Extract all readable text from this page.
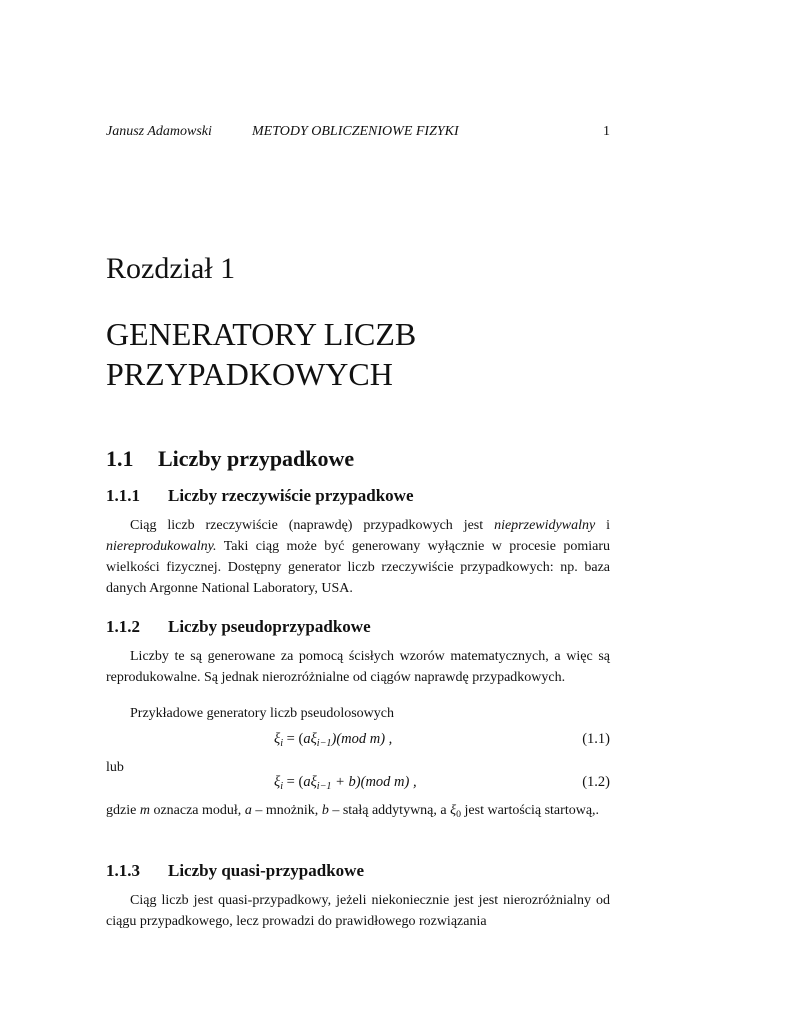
Janusz Adamowski	METODY OBLICZENIOWE FIZYKI	1
Rozdział 1
GENERATORY LICZB
PRZYPADKOWYCH
1.1 Liczby przypadkowe
1.1.1 Liczby rzeczywiście przypadkowe
Ciąg liczb rzeczywiście (naprawdę) przypadkowych jest nieprzewidywalny i niereprodukowalny. Taki ciąg może być generowany wyłącznie w procesie pomiaru wielkości fizycznej. Dostępny generator liczb rzeczywiście przypadkowych: np. baza danych Argonne National Laboratory, USA.
1.1.2 Liczby pseudoprzypadkowe
Liczby te są generowane za pomocą ścisłych wzorów matematycznych, a więc są reprodukowalne. Są jednak nierozróżnialne od ciągów naprawdę przypadkowych.
Przykładowe generatory liczb pseudolosowych
$\xi_i = (a\xi_{i-1})(mod$ m) ,	(1.1)
lub
$\xi_i = (a\xi_{i-1} + b)(mod$ m) ,	(1.2)
gdzie m oznacza moduł, a – mnożnik, b – stałą addytywną, a $\xi_0$ jest wartością startową,.
1.1.3 Liczby quasi-przypadkowe
Ciąg liczb jest quasi-przypadkowy, jeżeli niekoniecznie jest jest nierozróżnialny od ciągu przypadkowego, lecz prowadzi do prawidłowego rozwiązania
